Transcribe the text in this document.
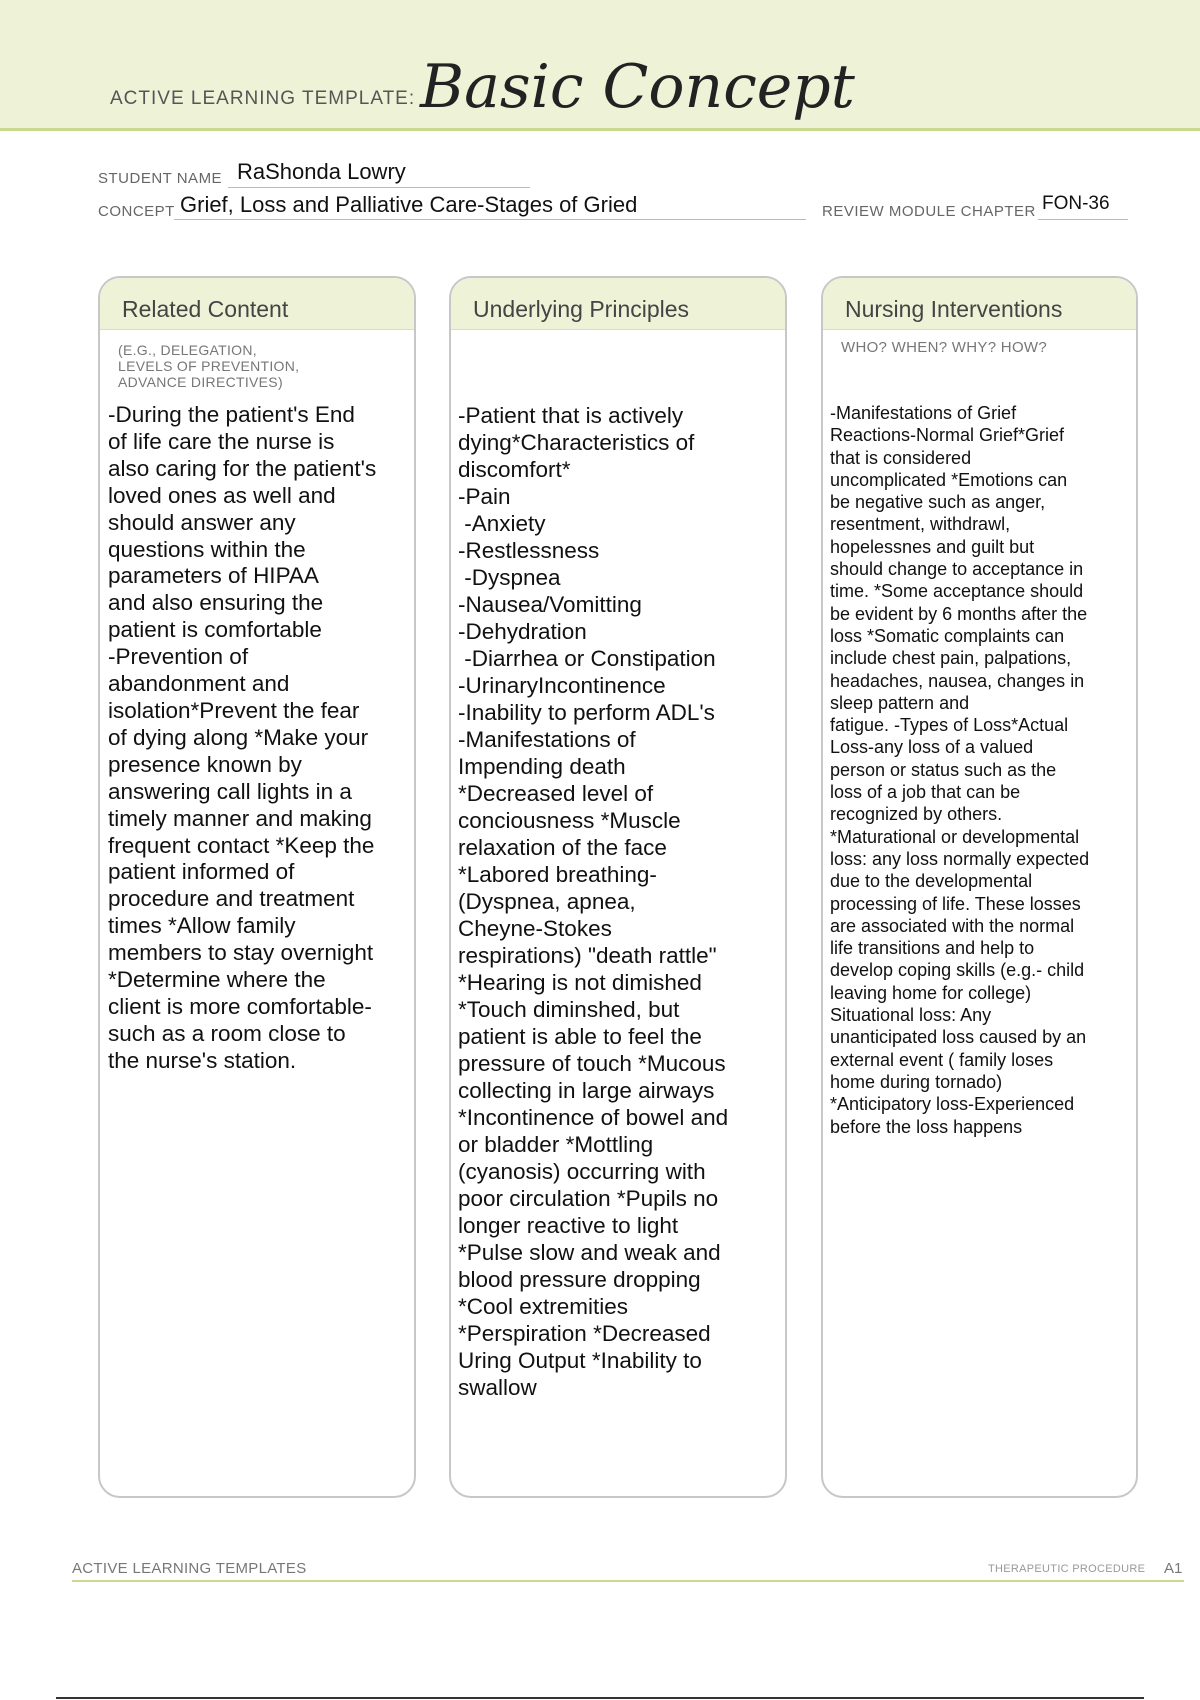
ACTIVE LEARNING TEMPLATE: Basic Concept
STUDENT NAME RaShonda Lowry
CONCEPT Grief, Loss and Palliative Care-Stages of Gried	REVIEW MODULE CHAPTER FON-36
Related Content
(E.G., DELEGATION,
LEVELS OF PREVENTION,
ADVANCE DIRECTIVES)
-During the patient's End
of life care the nurse is
also caring for the patient's
loved ones as well and
should answer any
questions within the
parameters of HIPAA
and also ensuring the
patient is comfortable
-Prevention of
abandonment and
isolation*Prevent the fear
of dying along *Make your
presence known by
answering call lights in a
timely manner and making
frequent contact *Keep the
patient informed of
procedure and treatment
times *Allow family
members to stay overnight
*Determine where the
client is more comfortable-
such as a room close to
the nurse's station.
Underlying Principles
-Patient that is actively
dying*Characteristics of
discomfort*
-Pain
-Anxiety
-Restlessness
-Dyspnea
-Nausea/Vomitting
-Dehydration
-Diarrhea or Constipation
-UrinaryIncontinence
-Inability to perform ADL's
-Manifestations of
Impending death
*Decreased level of
conciousness *Muscle
relaxation of the face
*Labored breathing-
(Dyspnea, apnea,
Cheyne-Stokes
respirations) "death rattle"
*Hearing is not dimished
*Touch diminshed, but
patient is able to feel the
pressure of touch *Mucous
collecting in large airways
*Incontinence of bowel and
or bladder *Mottling
(cyanosis) occurring with
poor circulation *Pupils no
longer reactive to light
*Pulse slow and weak and
blood pressure dropping
*Cool extremities
*Perspiration *Decreased
Uring Output *Inability to
swallow
Nursing Interventions
WHO? WHEN? WHY? HOW?
-Manifestations of Grief
Reactions-Normal Grief*Grief
that is considered
uncomplicated *Emotions can
be negative such as anger,
resentment, withdrawl,
hopelessnes and guilt but
should change to acceptance in
time. *Some acceptance should
be evident by 6 months after the
loss *Somatic complaints can
include chest pain, palpations,
headaches, nausea, changes in
sleep pattern and
fatigue. -Types of Loss*Actual
Loss-any loss of a valued
person or status such as the
loss of a job that can be
recognized by others.
*Maturational or developmental
loss: any loss normally expected
due to the developmental
processing of life. These losses
are associated with the normal
life transitions and help to
develop coping skills (e.g.- child
leaving home for college)
Situational loss: Any
unanticipated loss caused by an
external event ( family loses
home during tornado)
*Anticipatory loss-Experienced
before the loss happens
ACTIVE LEARNING TEMPLATES	THERAPEUTIC PROCEDURE A1
